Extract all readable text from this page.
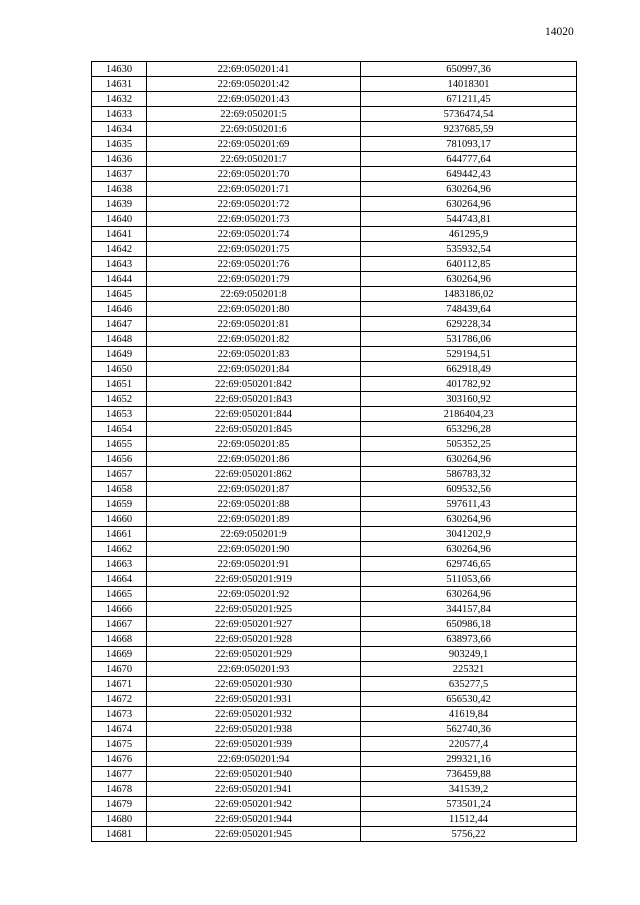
14020
14630	22:69:050201:41	650997,36
14631	22:69:050201:42	14018301
14632	22:69:050201:43	671211,45
14633	22:69:050201:5	5736474,54
14634	22:69:050201:6	9237685,59
14635	22:69:050201:69	781093,17
14636	22:69:050201:7	644777,64
14637	22:69:050201:70	649442,43
14638	22:69:050201:71	630264,96
14639	22:69:050201:72	630264,96
14640	22:69:050201:73	544743,81
14641	22:69:050201:74	461295,9
14642	22:69:050201:75	535932,54
14643	22:69:050201:76	640112,85
14644	22:69:050201:79	630264,96
14645	22:69:050201:8	1483186,02
14646	22:69:050201:80	748439,64
14647	22:69:050201:81	629228,34
14648	22:69:050201:82	531786,06
14649	22:69:050201:83	529194,51
14650	22:69:050201:84	662918,49
14651	22:69:050201:842	401782,92
14652	22:69:050201:843	303160,92
14653	22:69:050201:844	2186404,23
14654	22:69:050201:845	653296,28
14655	22:69:050201:85	505352,25
14656	22:69:050201:86	630264,96
14657	22:69:050201:862	586783,32
14658	22:69:050201:87	609532,56
14659	22:69:050201:88	597611,43
14660	22:69:050201:89	630264,96
14661	22:69:050201:9	3041202,9
14662	22:69:050201:90	630264,96
14663	22:69:050201:91	629746,65
14664	22:69:050201:919	511053,66
14665	22:69:050201:92	630264,96
14666	22:69:050201:925	344157,84
14667	22:69:050201:927	650986,18
14668	22:69:050201:928	638973,66
14669	22:69:050201:929	903249,1
14670	22:69:050201:93	225321
14671	22:69:050201:930	635277,5
14672	22:69:050201:931	656530,42
14673	22:69:050201:932	41619,84
14674	22:69:050201:938	562740,36
14675	22:69:050201:939	220577,4
14676	22:69:050201:94	299321,16
14677	22:69:050201:940	736459,88
14678	22:69:050201:941	341539,2
14679	22:69:050201:942	573501,24
14680	22:69:050201:944	11512,44
14681	22:69:050201:945	5756,22
